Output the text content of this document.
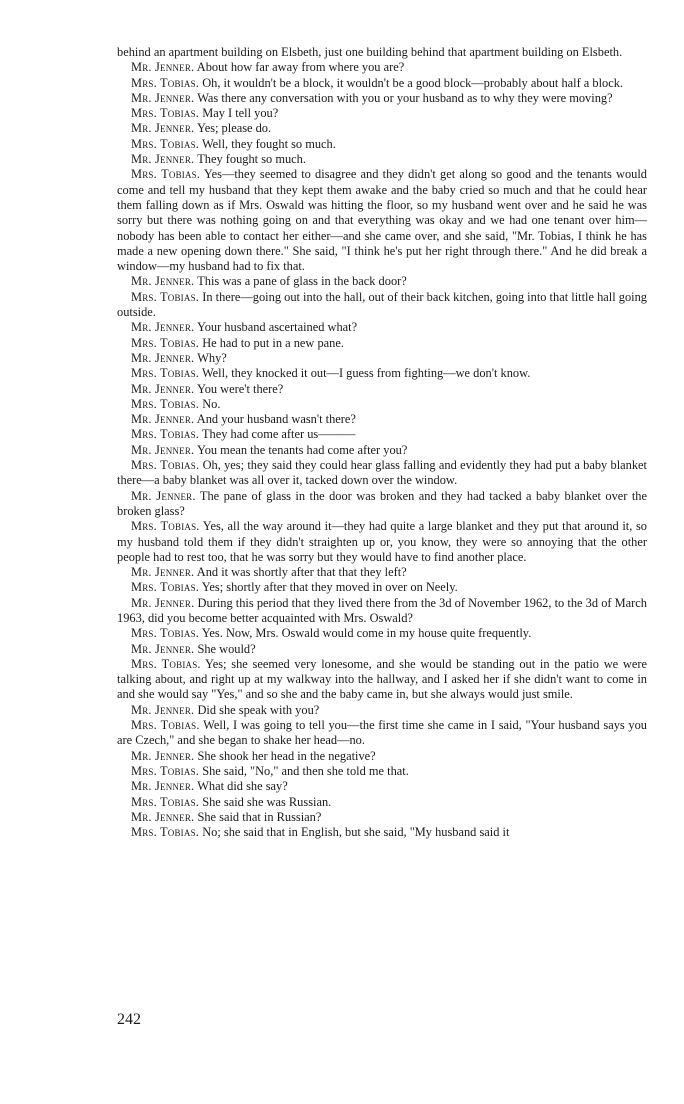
behind an apartment building on Elsbeth, just one building behind that apartment building on Elsbeth.

Mr. Jenner. About how far away from where you are?

Mrs. Tobias. Oh, it wouldn't be a block, it wouldn't be a good block—probably about half a block.

Mr. Jenner. Was there any conversation with you or your husband as to why they were moving?

Mrs. Tobias. May I tell you?

Mr. Jenner. Yes; please do.

Mrs. Tobias. Well, they fought so much.

Mr. Jenner. They fought so much.

Mrs. Tobias. Yes—they seemed to disagree and they didn't get along so good and the tenants would come and tell my husband that they kept them awake and the baby cried so much and that he could hear them falling down as if Mrs. Oswald was hitting the floor, so my husband went over and he said he was sorry but there was nothing going on and that everything was okay and we had one tenant over him—nobody has been able to contact her either—and she came over, and she said, "Mr. Tobias, I think he has made a new opening down there." She said, "I think he's put her right through there." And he did break a window—my husband had to fix that.

Mr. Jenner. This was a pane of glass in the back door?

Mrs. Tobias. In there—going out into the hall, out of their back kitchen, going into that little hall going outside.

Mr. Jenner. Your husband ascertained what?

Mrs. Tobias. He had to put in a new pane.

Mr. Jenner. Why?

Mrs. Tobias. Well, they knocked it out—I guess from fighting—we don't know.

Mr. Jenner. You were't there?

Mrs. Tobias. No.

Mr. Jenner. And your husband wasn't there?

Mrs. Tobias. They had come after us———

Mr. Jenner. You mean the tenants had come after you?

Mrs. Tobias. Oh, yes; they said they could hear glass falling and evidently they had put a baby blanket there—a baby blanket was all over it, tacked down over the window.

Mr. Jenner. The pane of glass in the door was broken and they had tacked a baby blanket over the broken glass?

Mrs. Tobias. Yes, all the way around it—they had quite a large blanket and they put that around it, so my husband told them if they didn't straighten up or, you know, they were so annoying that the other people had to rest too, that he was sorry but they would have to find another place.

Mr. Jenner. And it was shortly after that that they left?

Mrs. Tobias. Yes; shortly after that they moved in over on Neely.

Mr. Jenner. During this period that they lived there from the 3d of November 1962, to the 3d of March 1963, did you become better acquainted with Mrs. Oswald?

Mrs. Tobias. Yes. Now, Mrs. Oswald would come in my house quite frequently.

Mr. Jenner. She would?

Mrs. Tobias. Yes; she seemed very lonesome, and she would be standing out in the patio we were talking about, and right up at my walkway into the hallway, and I asked her if she didn't want to come in and she would say "Yes," and so she and the baby came in, but she always would just smile.

Mr. Jenner. Did she speak with you?

Mrs. Tobias. Well, I was going to tell you—the first time she came in I said, "Your husband says you are Czech," and she began to shake her head—no.

Mr. Jenner. She shook her head in the negative?

Mrs. Tobias. She said, "No," and then she told me that.

Mr. Jenner. What did she say?

Mrs. Tobias. She said she was Russian.

Mr. Jenner. She said that in Russian?

Mrs. Tobias. No; she said that in English, but she said, "My husband said it

242
